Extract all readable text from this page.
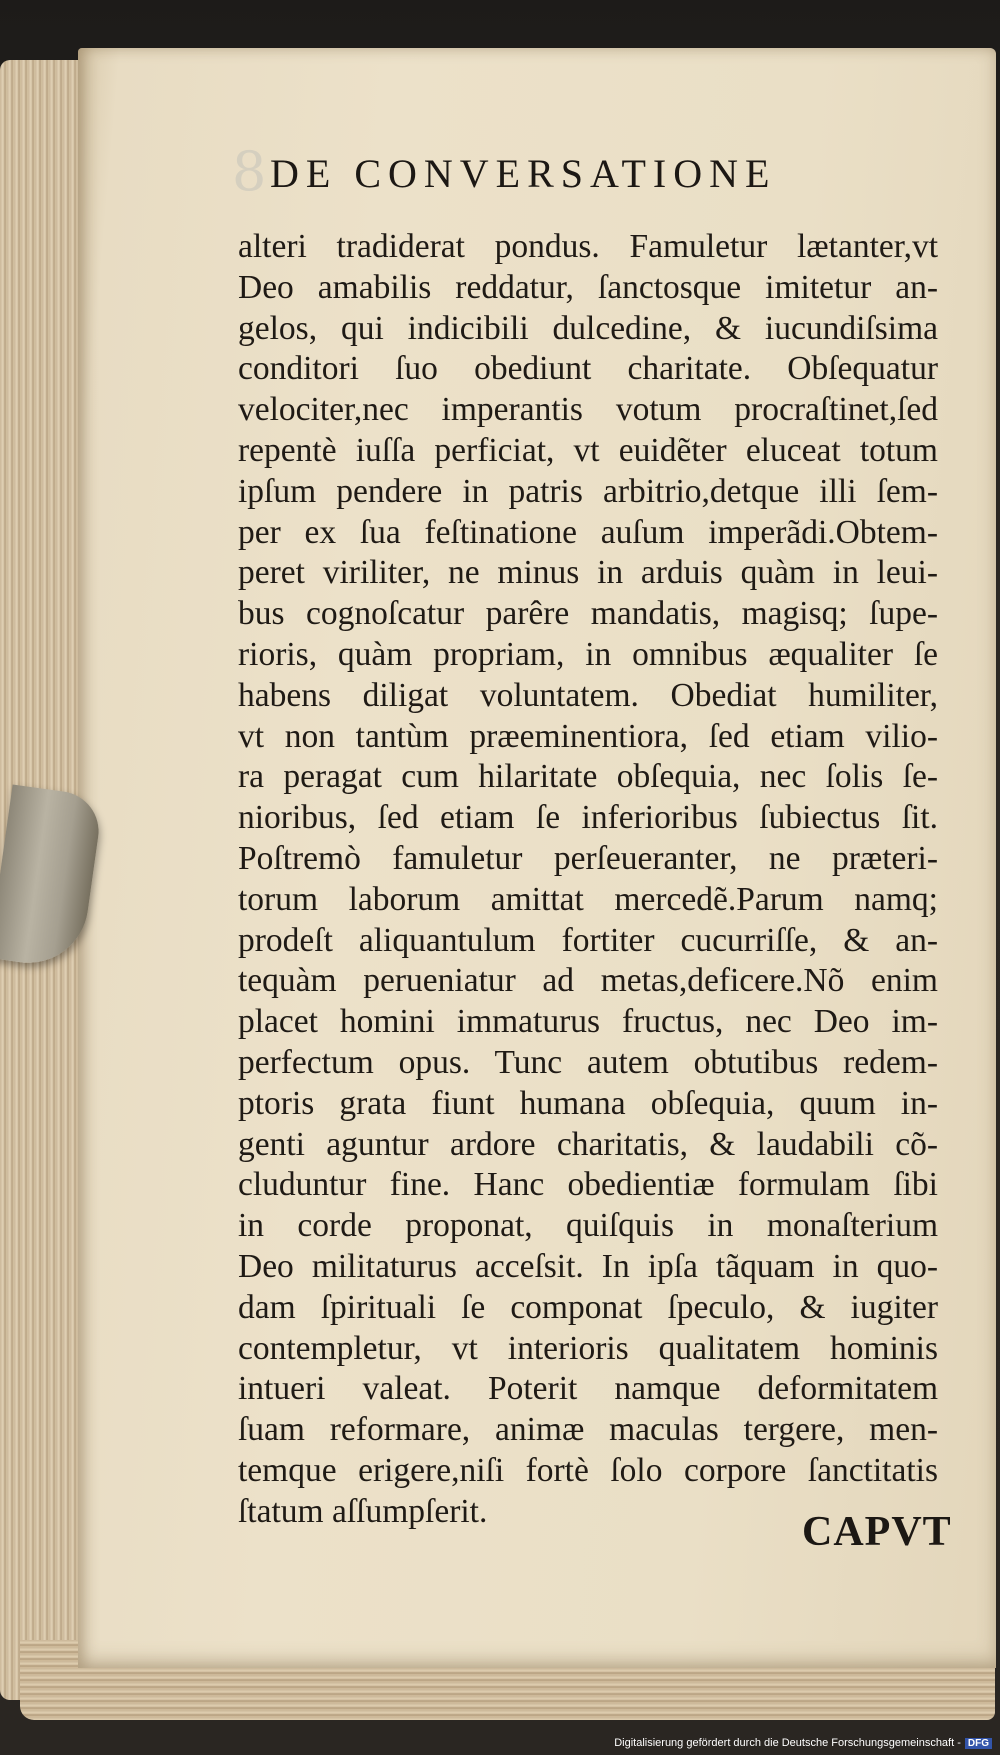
8 DE CONVERSATIONE
alteri tradiderat pondus. Famuletur lætanter,vt
Deo amabilis reddatur, ſanctosque imitetur an-
gelos, qui indicibili dulcedine, & iucundiſsima
conditori ſuo obediunt charitate. Obſequatur
velociter,nec imperantis votum procraſtinet,ſed
repentè iuſſa perficiat, vt euidẽter eluceat totum
ipſum pendere in patris arbitrio,detque illi ſem-
per ex ſua feſtinatione auſum imperãdi.Obtem-
peret viriliter, ne minus in arduis quàm in leui-
bus cognoſcatur parêre mandatis, magisq; ſupe-
rioris, quàm propriam, in omnibus æqualiter ſe
habens diligat voluntatem. Obediat humiliter,
vt non tantùm præeminentiora, ſed etiam vilio-
ra peragat cum hilaritate obſequia, nec ſolis ſe-
nioribus, ſed etiam ſe inferioribus ſubiectus ſit.
Poſtremò famuletur perſeueranter, ne præteri-
torum laborum amittat mercedẽ.Parum namq;
prodeſt aliquantulum fortiter cucurriſſe, & an-
tequàm perueniatur ad metas,deficere.Nõ enim
placet homini immaturus fructus, nec Deo im-
perfectum opus. Tunc autem obtutibus redem-
ptoris grata fiunt humana obſequia, quum in-
genti aguntur ardore charitatis, & laudabili cõ-
cluduntur fine. Hanc obedientiæ formulam ſibi
in corde proponat, quiſquis in monaſterium
Deo militaturus acceſsit. In ipſa tãquam in quo-
dam ſpirituali ſe componat ſpeculo, & iugiter
contempletur, vt interioris qualitatem hominis
intueri valeat. Poterit namque deformitatem
ſuam reformare, animæ maculas tergere, men-
temque erigere,niſi fortè ſolo corpore ſanctitatis
ſtatum aſſumpſerit.	CAPVT
Digitalisierung gefördert durch die Deutsche Forschungsgemeinschaft - DFG
